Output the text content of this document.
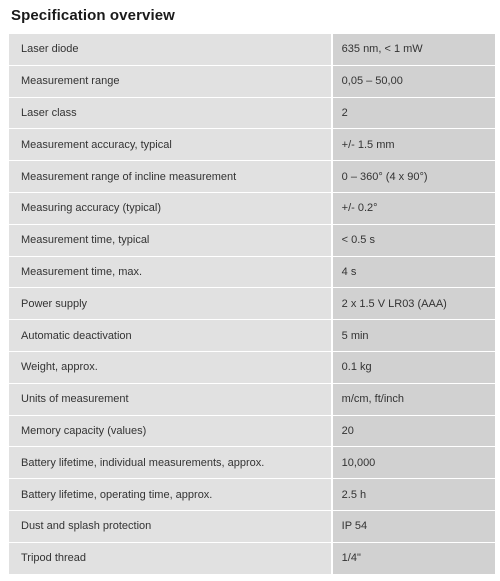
Specification overview
Laser diode	635 nm, < 1 mW
Measurement range	0,05 – 50,00
Laser class	2
Measurement accuracy, typical	+/- 1.5 mm
Measurement range of incline measurement	0 – 360° (4 x 90°)
Measuring accuracy (typical)	+/- 0.2°
Measurement time, typical	< 0.5 s
Measurement time, max.	4 s
Power supply	2 x 1.5 V LR03 (AAA)
Automatic deactivation	5 min
Weight, approx.	0.1 kg
Units of measurement	m/cm, ft/inch
Memory capacity (values)	20
Battery lifetime, individual measurements, approx.	10,000
Battery lifetime, operating time, approx.	2.5 h
Dust and splash protection	IP 54
Tripod thread	1/4"
